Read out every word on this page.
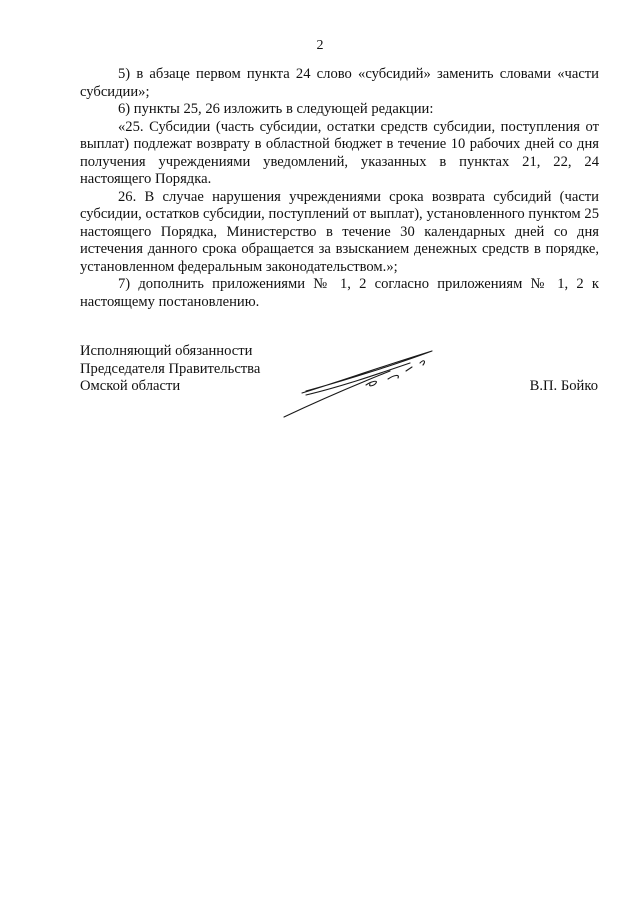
2

5) в абзаце первом пункта 24 слово «субсидий» заменить словами «части субсидии»;

6) пункты 25, 26 изложить в следующей редакции:

«25. Субсидии (часть субсидии, остатки средств субсидии, поступления от выплат) подлежат возврату в областной бюджет в течение 10 рабочих дней со дня получения учреждениями уведомлений, указанных в пунктах 21, 22, 24 настоящего Порядка.

26. В случае нарушения учреждениями срока возврата субсидий (части субсидии, остатков субсидии, поступлений от выплат), установленного пунктом 25 настоящего Порядка, Министерство в течение 30 календарных дней со дня истечения данного срока обращается за взысканием денежных средств в порядке, установленном федеральным законодательством.»;

7) дополнить приложениями № 1, 2 согласно приложениям № 1, 2 к настоящему постановлению.

Исполняющий обязанности
Председателя Правительства
Омской области	В.П. Бойко
